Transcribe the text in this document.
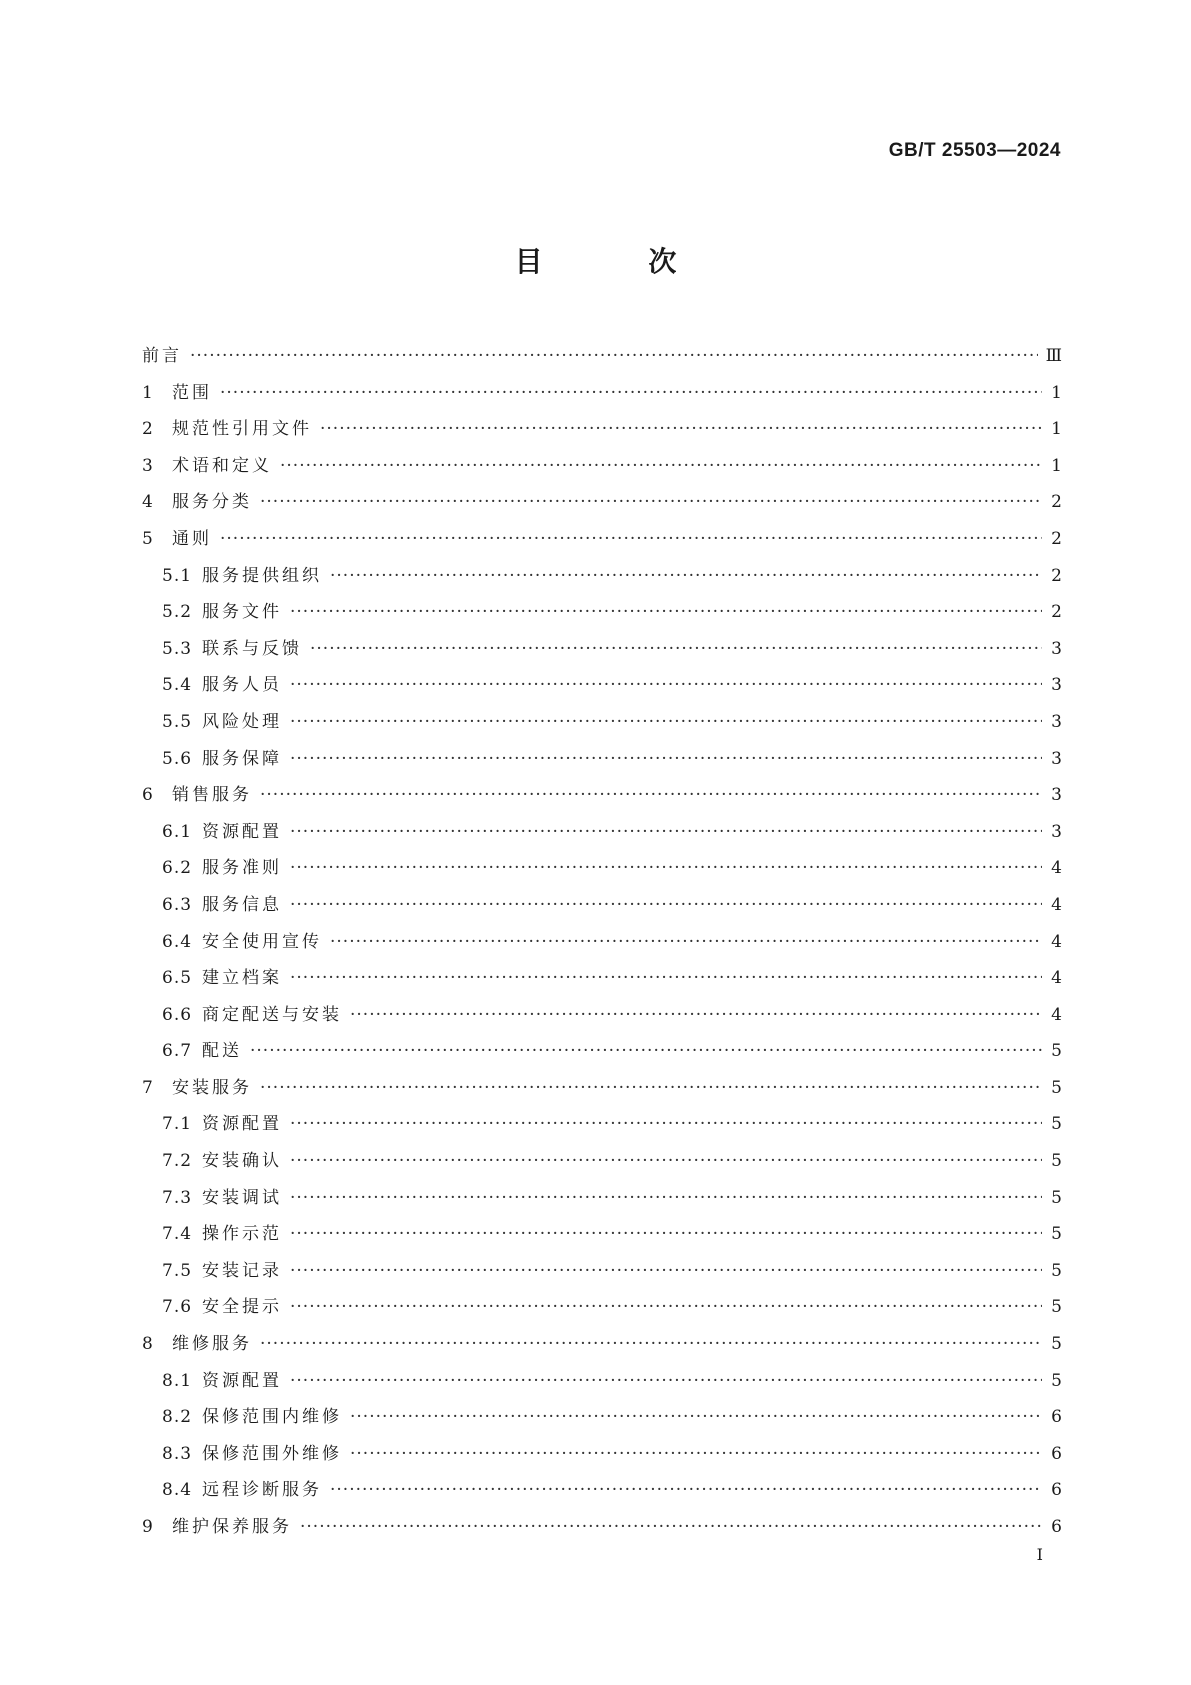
GB/T 25503—2024
目 次
前言 ·····	Ⅲ
1	范围 ·····	1
2	规范性引用文件 ·····	1
3	术语和定义 ·····	1
4	服务分类 ·····	2
5	通则 ·····	2
5.1 服务提供组织 ·····	2
5.2 服务文件 ·····	2
5.3 联系与反馈 ·····	3
5.4 服务人员 ·····	3
5.5 风险处理 ·····	3
5.6 服务保障 ·····	3
6	销售服务 ·····	3
6.1 资源配置 ·····	3
6.2 服务准则 ·····	4
6.3 服务信息 ·····	4
6.4 安全使用宣传 ·····	4
6.5 建立档案 ·····	4
6.6 商定配送与安装 ·····	4
6.7 配送 ·····	5
7	安装服务 ·····	5
7.1 资源配置 ·····	5
7.2 安装确认 ·····	5
7.3 安装调试 ·····	5
7.4 操作示范 ·····	5
7.5 安装记录 ·····	5
7.6 安全提示 ·····	5
8	维修服务 ·····	5
8.1 资源配置 ·····	5
8.2 保修范围内维修 ·····	6
8.3 保修范围外维修 ·····	6
8.4 远程诊断服务 ·····	6
9	维护保养服务 ·····	6
I
